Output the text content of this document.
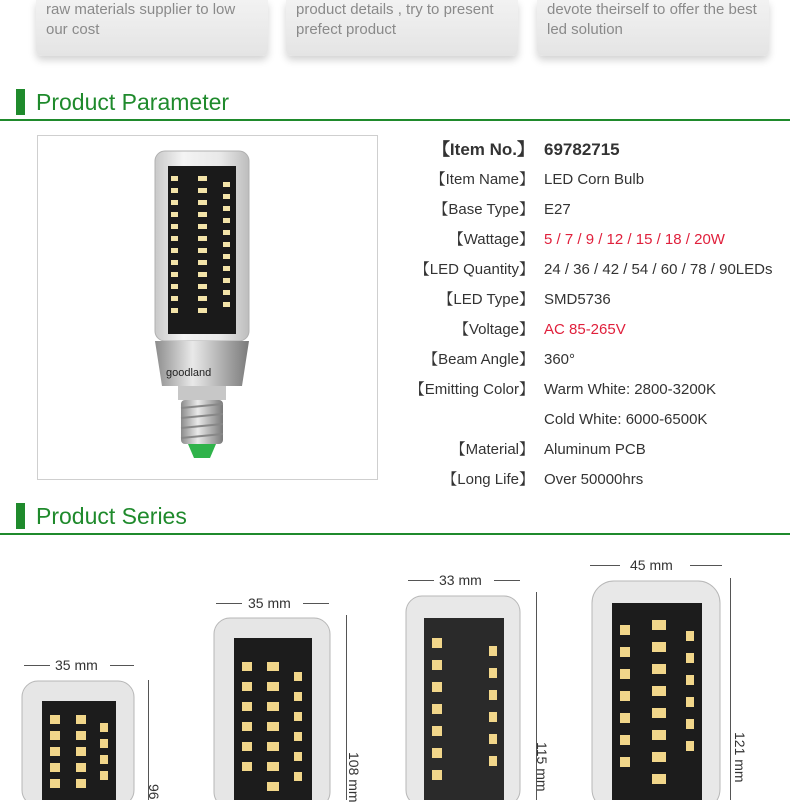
raw materials supplier to low
our cost
product details , try to present
prefect product
devote theirself to offer the best
led solution
Product Parameter
goodland
【Item No.】 69782715
【Item Name】 LED Corn Bulb
【Base Type】 E27
【Wattage】 5 / 7 / 9 / 12 / 15 / 18 / 20W
【LED Quantity】 24 / 36 / 42 / 54 / 60 / 78 / 90LEDs
【LED Type】 SMD5736
【Voltage】 AC 85-265V
【Beam Angle】 360°
【Emitting Color】 Warm White: 2800-3200K
Cold White: 6000-6500K
【Material】 Aluminum PCB
【Long Life】 Over 50000hrs
Product Series
35 mm
96
35 mm
108 mm
33 mm
115 mm
45 mm
121 mm
